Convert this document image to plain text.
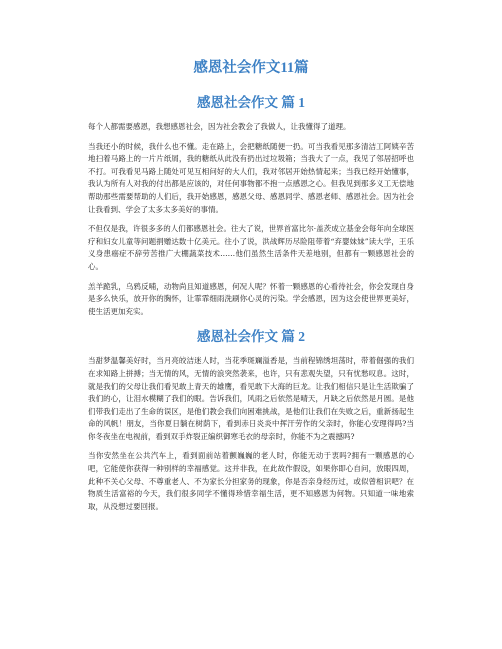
感恩社会作文11篇
感恩社会作文 篇 1

每个人都需要感恩，我想感恩社会，因为社会教会了我做人，让我懂得了道理。

当我还小的时候，我什么也不懂。走在路上，会把糖纸随便一扔。可当我看见那多清洁工阿姨辛苦地扫着马路上的一片片纸屑，我的糖纸从此没有扔出过垃圾箱；当我大了一点，我见了邻居招呼也不打。可我看见马路上随处可见互相问好的大人们，我对邻居开始热情起来；当我已经开始懂事，我认为所有人对我的付出都是应该的，对任何事物都不抱一点感恩之心。但我见到那多义工无偿地帮助那些需要帮助的人们后，我开始感恩，感恩父母、感恩同学、感恩老师、感恩社会。因为社会让我看到、学会了太多太多美好的事情。

不但仅是我，许很多多的人们都感恩社会。往大了说，世界首富比尔·盖茨成立基金会每年向全球医疗和妇女儿童等问题捐赠达数十亿美元。往小了说，洪战辉历尽险阻带着“弃婴妹妹”读大学，王乐义身患癌症不辞劳苦推广大棚蔬菜技术……他们虽然生活条件天差地别，但都有一颗感恩社会的心。

羔羊跪乳，乌鸦反哺，动物尚且知道感恩，何况人呢？怀着一颗感恩的心看待社会，你会发现自身是多么快乐，放开你的胸怀，让霏霏细雨洗刷你心灵的污染。学会感恩，因为这会使世界更美好，使生活更加充实。

感恩社会作文 篇 2

当甜梦温馨美好时，当月亮皎洁迷人时，当花季斑斓溢香是，当前程锦绣坦荡时，带着倔强的我们在求知路上拼搏；当无情的风，无情的浪突然袭来，也许，只有悲观失望，只有忧愁叹息。这时，就是我们的父母让我们看见敢上青天的雄鹰，看见敢下大海的巨龙。让我们相信只是让生活欺骗了我们的心，让泪水模糊了我们的眼。告诉我们，风雨之后依然是晴天，月缺之后依然是月圆。是他们带我们走出了生命的误区，是他们教会我们向困难挑战，是他们让我们在失败之后，重新扬起生命的风帆！朋友，当你夏日躺在树荫下，看到赤日炎炎中挥汗劳作的父亲时，你能心安理得吗?当你冬夜坐在电视前，看到双手炸裂正编织御寒毛衣的母亲时，你能不为之震撼吗?

当你安然坐在公共汽车上，看到面前站着颤巍巍的老人时，你能无动于衷吗?拥有一颗感恩的心吧，它能使你获得一种别样的幸福感觉。这并非我，在此故作假设，如果你即心自问，放眼四周，此种不关心父母、不尊重老人、不为家长分担家务的现象，你是否亲身经历过，或似曾相识吧？在物质生活富裕的今天，我们很多同学不懂得珍惜幸福生活，更不知感恩为何物。只知道一味地索取，从没想过要回报。
